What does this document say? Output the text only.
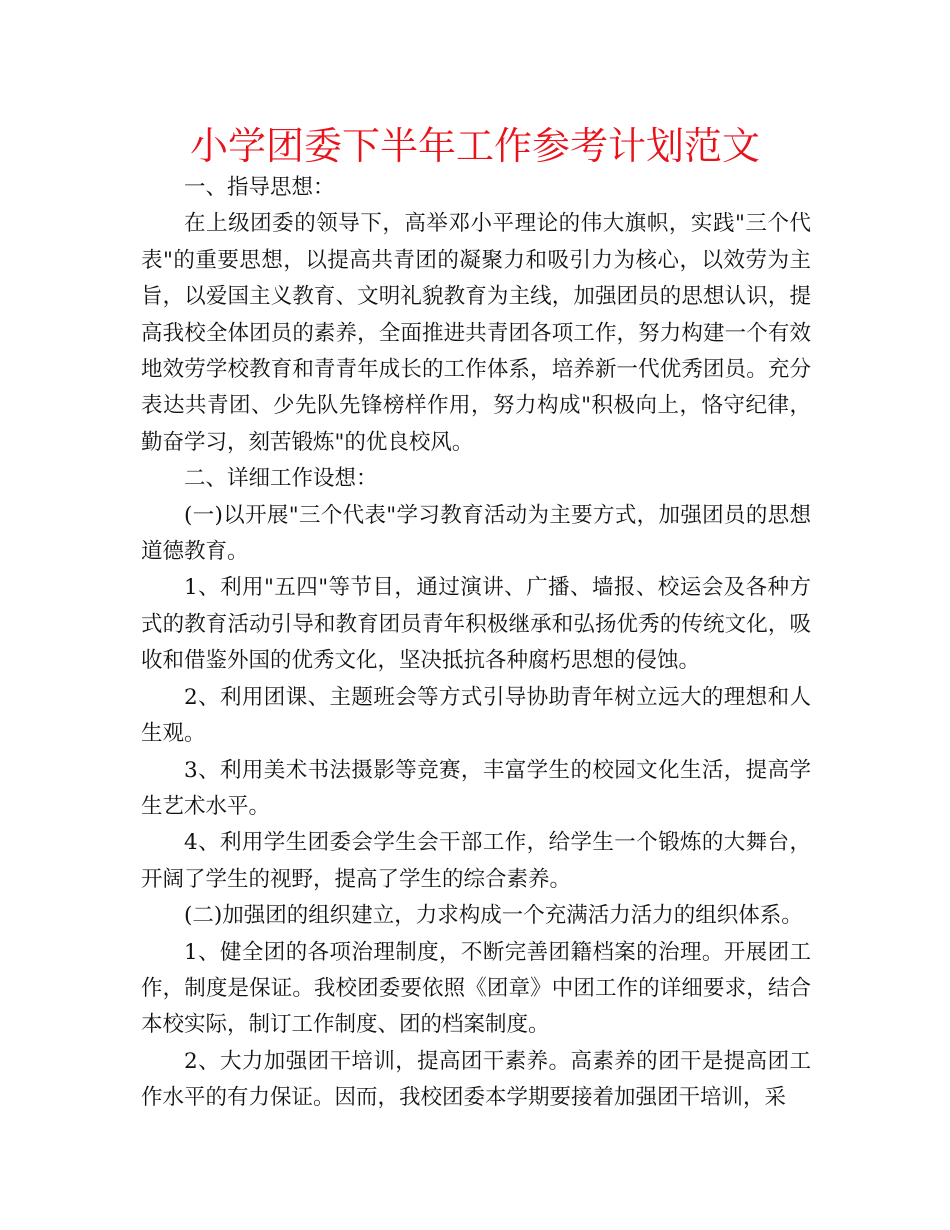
小学团委下半年工作参考计划范文

一、指导思想：

在上级团委的领导下，高举邓小平理论的伟大旗帜，实践"三个代表"的重要思想，以提高共青团的凝聚力和吸引力为核心，以效劳为主旨，以爱国主义教育、文明礼貌教育为主线，加强团员的思想认识，提高我校全体团员的素养，全面推进共青团各项工作，努力构建一个有效地效劳学校教育和青青年成长的工作体系，培养新一代优秀团员。充分表达共青团、少先队先锋榜样作用，努力构成"积极向上，恪守纪律，勤奋学习，刻苦锻炼"的优良校风。

二、详细工作设想：

(一)以开展"三个代表"学习教育活动为主要方式，加强团员的思想道德教育。

1、利用"五四"等节目，通过演讲、广播、墙报、校运会及各种方式的教育活动引导和教育团员青年积极继承和弘扬优秀的传统文化，吸收和借鉴外国的优秀文化，坚决抵抗各种腐朽思想的侵蚀。

2、利用团课、主题班会等方式引导协助青年树立远大的理想和人生观。

3、利用美术书法摄影等竞赛，丰富学生的校园文化生活，提高学生艺术水平。

4、利用学生团委会学生会干部工作，给学生一个锻炼的大舞台，开阔了学生的视野，提高了学生的综合素养。

(二)加强团的组织建立，力求构成一个充满活力活力的组织体系。

1、健全团的各项治理制度，不断完善团籍档案的治理。开展团工作，制度是保证。我校团委要依照《团章》中团工作的详细要求，结合本校实际，制订工作制度、团的档案制度。

2、大力加强团干培训，提高团干素养。高素养的团干是提高团工作水平的有力保证。因而，我校团委本学期要接着加强团干培训，采
